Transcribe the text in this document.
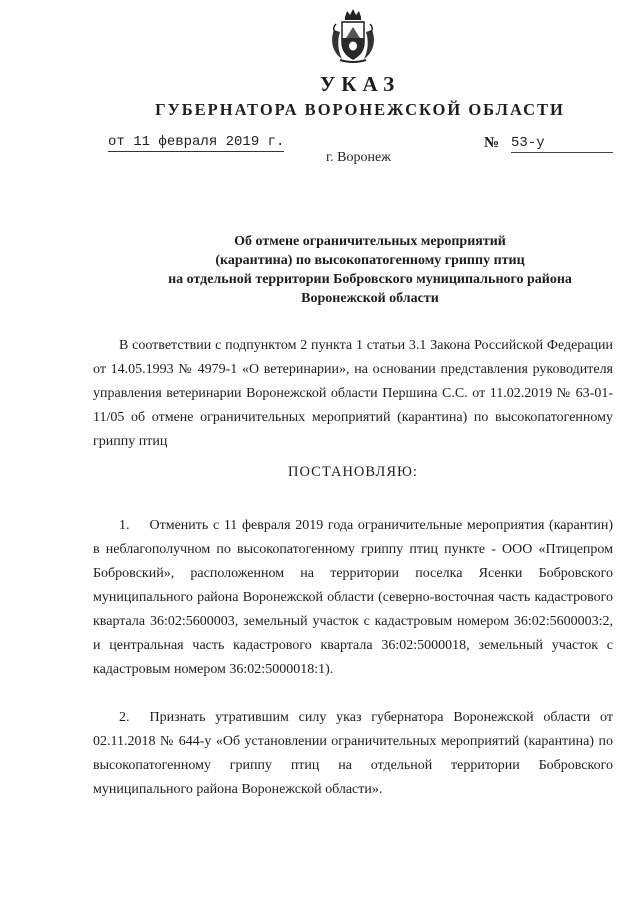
УКАЗ
ГУБЕРНАТОРА ВОРОНЕЖСКОЙ ОБЛАСТИ
от 11 февраля 2019 г.	№ 53-у
г. Воронеж
Об отмене ограничительных мероприятий
(карантина) по высокопатогенному гриппу птиц
на отдельной территории Бобровского муниципального района
Воронежской области
В соответствии с подпунктом 2 пункта 1 статьи 3.1 Закона Российской Федерации от 14.05.1993 № 4979-1 «О ветеринарии», на основании представления руководителя управления ветеринарии Воронежской области Першина С.С. от 11.02.2019 № 63-01-11/05 об отмене ограничительных мероприятий (карантина) по высокопатогенному гриппу птиц
ПОСТАНОВЛЯЮ:
1. Отменить с 11 февраля 2019 года ограничительные мероприятия (карантин) в неблагополучном по высокопатогенному гриппу птиц пункте - ООО «Птицепром Бобровский», расположенном на территории поселка Ясенки Бобровского муниципального района Воронежской области (северно-восточная часть кадастрового квартала 36:02:5600003, земельный участок с кадастровым номером 36:02:5600003:2, и центральная часть кадастрового квартала 36:02:5000018, земельный участок с кадастровым номером 36:02:5000018:1).
2. Признать утратившим силу указ губернатора Воронежской области от 02.11.2018 № 644-у «Об установлении ограничительных мероприятий (карантина) по высокопатогенному гриппу птиц на отдельной территории Бобровского муниципального района Воронежской области».
